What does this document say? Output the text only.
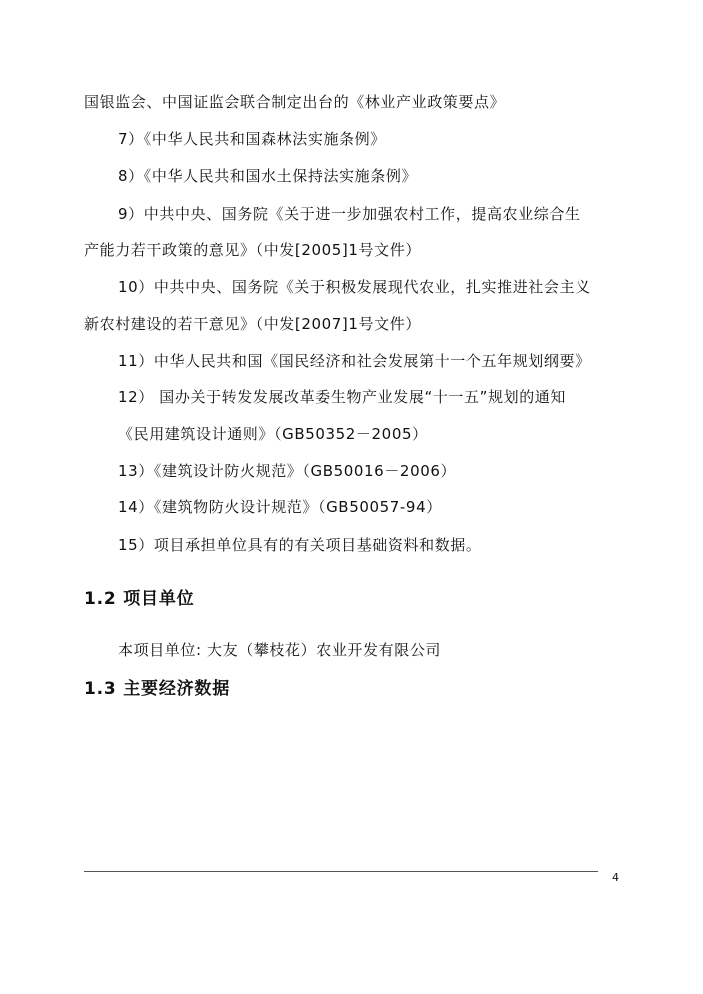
国银监会、中国证监会联合制定出台的《林业产业政策要点》
7）《中华人民共和国森林法实施条例》
8）《中华人民共和国水土保持法实施条例》
9）中共中央、国务院《关于进一步加强农村工作，提高农业综合生
产能力若干政策的意见》（中发[2005]1号文件）
10）中共中央、国务院《关于积极发展现代农业，扎实推进社会主义
新农村建设的若干意见》（中发[2007]1号文件）
11）中华人民共和国《国民经济和社会发展第十一个五年规划纲要》
12） 国办关于转发发展改革委生物产业发展“十一五”规划的通知
《民用建筑设计通则》（GB50352－2005）
13）《建筑设计防火规范》（GB50016－2006）
14）《建筑物防火设计规范》（GB50057-94）
15）项目承担单位具有的有关项目基础资料和数据。
1.2 项目单位
本项目单位: 大友（攀枝花）农业开发有限公司
1.3 主要经济数据
4
